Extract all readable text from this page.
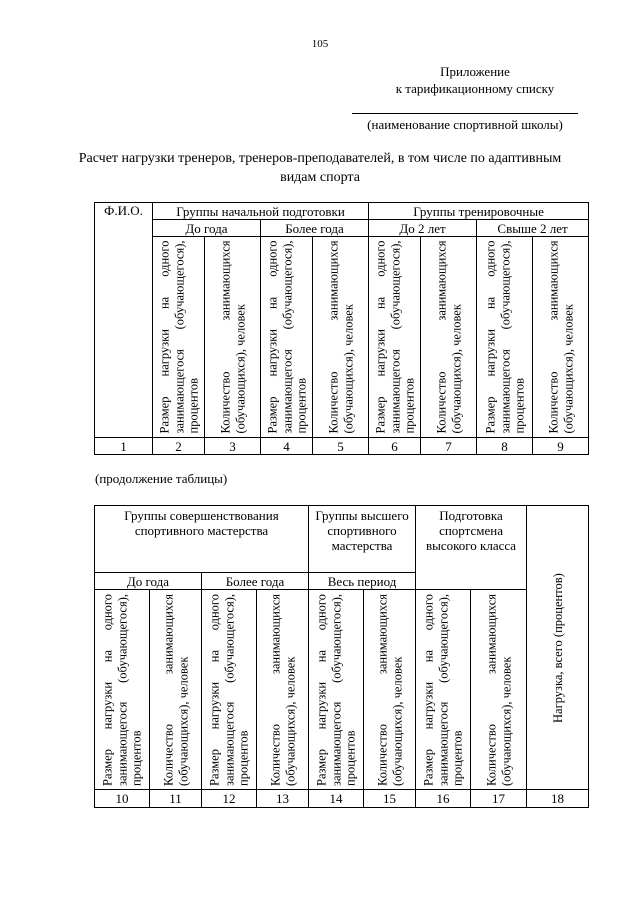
105
Приложение
к тарификационному списку
(наименование спортивной школы)
Расчет нагрузки тренеров, тренеров-преподавателей, в том числе по адаптивным видам спорта
Ф.И.О.	Группы начальной подготовки				Группы тренировочные			
	До года		Более года		До 2 лет		Свыше 2 лет	

	Размер нагрузки на одного занимающегося (обучающегося), процентов	Количество занимающихся (обучающихся), человек	Размер нагрузки на одного занимающегося (обучающегося), процентов	Количество занимающихся (обучающихся), человек	Размер нагрузки на одного занимающегося (обучающегося), процентов	Количество занимающихся (обучающихся), человек	Размер нагрузки на одного занимающегося (обучающегося), процентов	Количество занимающихся (обучающихся), человек

1	2	3	4	5	6	7	8	9
(продолжение таблицы)
Группы совершенствования спортивного мастерства				Группы высшего спортивного мастерства		Подготовка спортсмена высокого класса		Нагрузка, всего (процентов)

До года		Более года		Весь период				

Размер нагрузки на одного занимающегося (обучающегося), процентов	Количество занимающихся (обучающихся), человек	Размер нагрузки на одного занимающегося (обучающегося), процентов	Количество занимающихся (обучающихся), человек	Размер нагрузки на одного занимающегося (обучающегося), процентов	Количество занимающихся (обучающихся), человек	Размер нагрузки на одного занимающегося (обучающегося), процентов	Количество занимающихся (обучающихся), человек	

10	11	12	13	14	15	16	17	18
